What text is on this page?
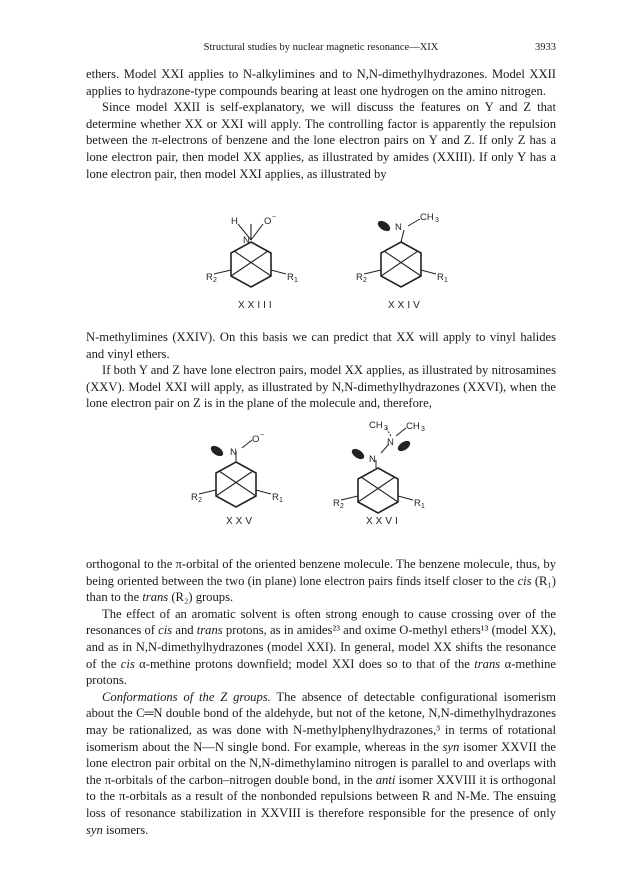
Structural studies by nuclear magnetic resonance—XIX	3933

ethers. Model XXI applies to N-alkylimines and to N,N-dimethylhydrazones. Model XXII applies to hydrazone-type compounds bearing at least one hydrogen on the amino nitrogen.

Since model XXII is self-explanatory, we will discuss the features on Y and Z that determine whether XX or XXI will apply. The controlling factor is apparently the repulsion between the π-electrons of benzene and the lone electron pairs on Y and Z. If only Z has a lone electron pair, then model XX applies, as illustrated by amides (XXIII). If only Y has a lone electron pair, then model XXI applies, as illustrated by

N
H	O −
R 2	R 1
XXIII
N
CH 3
R 2	R 1
XXIV

N-methylimines (XXIV). On this basis we can predict that XX will apply to vinyl halides and vinyl ethers.

If both Y and Z have lone electron pairs, model XX applies, as illustrated by nitrosamines (XXV). Model XXI will apply, as illustrated by N,N-dimethylhydrazones (XXVI), when the lone electron pair on Z is in the plane of the molecule and, therefore,

N
O −
R 2	R 1
XXV
N
N
CH 3 CH 3
R 2	R 1
XXVI

orthogonal to the π-orbital of the oriented benzene molecule. The benzene molecule, thus, by being oriented between the two (in plane) lone electron pairs finds itself closer to the cis (R₁) than to the trans (R₂) groups.

The effect of an aromatic solvent is often strong enough to cause crossing over of the resonances of cis and trans protons, as in amides²³ and oxime O-methyl ethers¹³ (model XX), and as in N,N-dimethylhydrazones (model XXI). In general, model XX shifts the resonance of the cis α-methine protons downfield; model XXI does so to that of the trans α-methine protons.

Conformations of the Z groups. The absence of detectable configurational isomerism about the C═N double bond of the aldehyde, but not of the ketone, N,N-dimethylhydrazones may be rationalized, as was done with N-methylphenylhydrazones,³ in terms of rotational isomerism about the N—N single bond. For example, whereas in the syn isomer XXVII the lone electron pair orbital on the N,N-dimethylamino nitrogen is parallel to and overlaps with the π-orbitals of the carbon–nitrogen double bond, in the anti isomer XXVIII it is orthogonal to the π-orbitals as a result of the nonbonded repulsions between R and N-Me. The ensuing loss of resonance stabilization in XXVIII is therefore responsible for the presence of only syn isomers.
